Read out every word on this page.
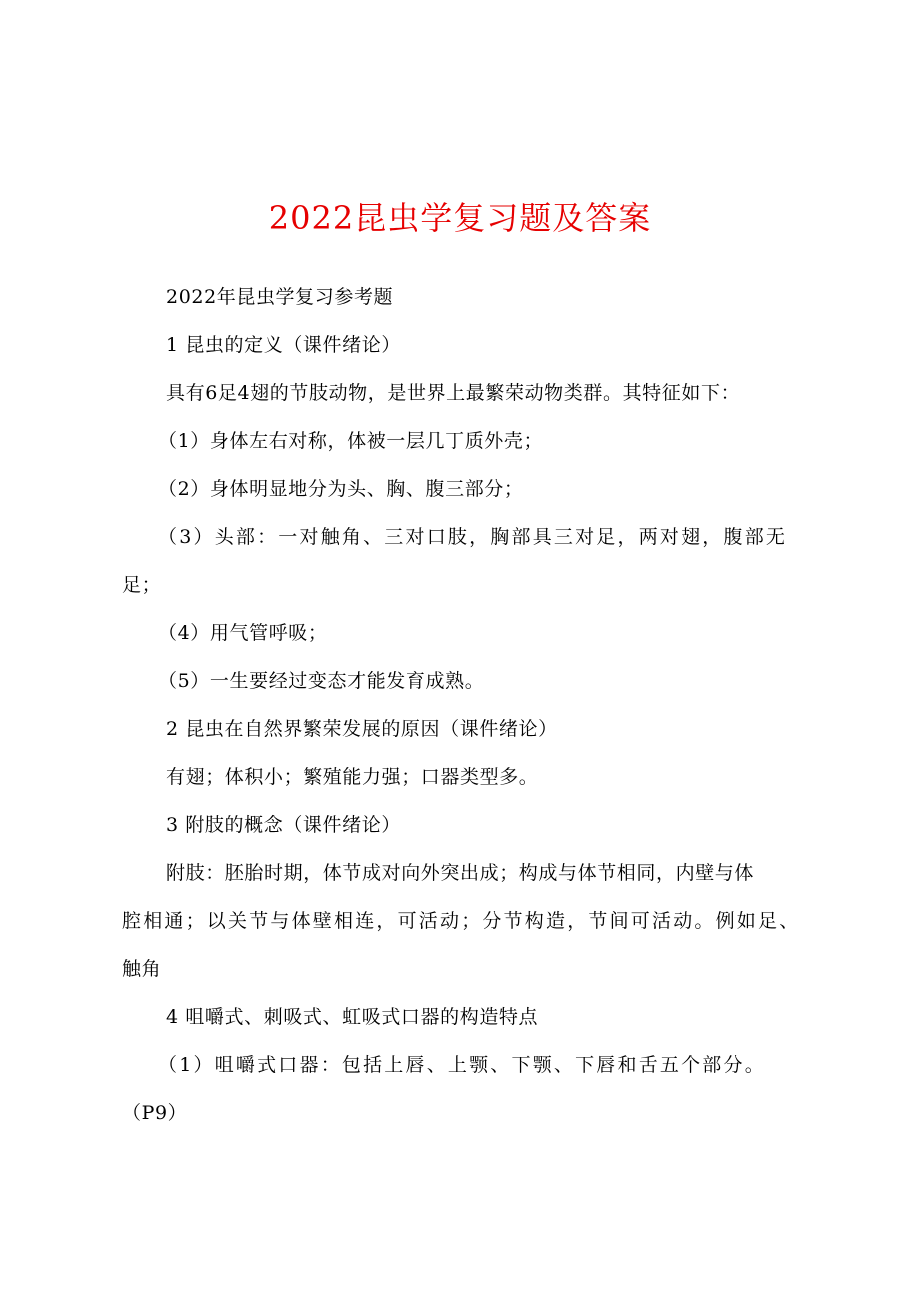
2022昆虫学复习题及答案
2022年昆虫学复习参考题
1 昆虫的定义（课件绪论）
具有6足4翅的节肢动物，是世界上最繁荣动物类群。其特征如下：
（1）身体左右对称，体被一层几丁质外壳；
（2）身体明显地分为头、胸、腹三部分；
（3）头部：一对触角、三对口肢，胸部具三对足，两对翅，腹部无
足；
（4）用气管呼吸；
（5）一生要经过变态才能发育成熟。
2 昆虫在自然界繁荣发展的原因（课件绪论）
有翅；体积小；繁殖能力强；口器类型多。
3 附肢的概念（课件绪论）
附肢：胚胎时期，体节成对向外突出成；构成与体节相同，内壁与体
腔相通；以关节与体壁相连，可活动；分节构造，节间可活动。例如足、
触角
4 咀嚼式、刺吸式、虹吸式口器的构造特点
（1）咀嚼式口器：包括上唇、上颚、下颚、下唇和舌五个部分。
（P9）
